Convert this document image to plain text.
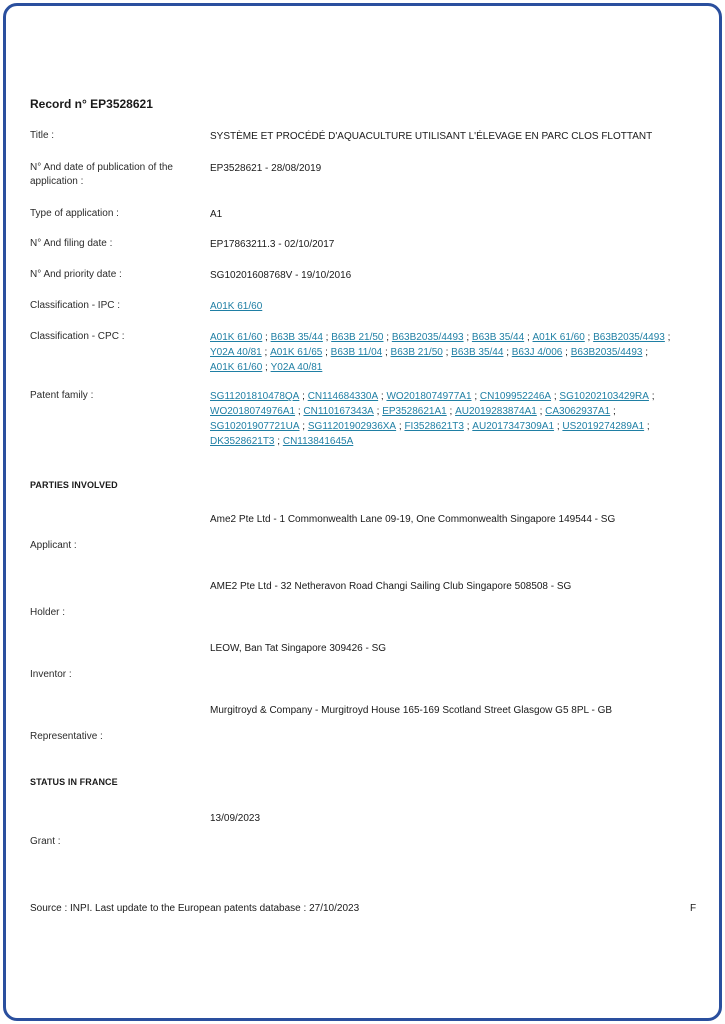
Record n° EP3528621
Title :	SYSTÈME ET PROCÉDÉ D'AQUACULTURE UTILISANT L'ÉLEVAGE EN PARC CLOS FLOTTANT
N° And date of publication of the application :
EP3528621 - 28/08/2019
Type of application :	A1
N° And filing date :	EP17863211.3 - 02/10/2017
N° And priority date :	SG10201608768V - 19/10/2016
Classification - IPC :	A01K 61/60
Classification - CPC :	A01K 61/60 ; B63B 35/44 ; B63B 21/50 ; B63B2035/4493 ; B63B 35/44 ; A01K 61/60 ; B63B2035/4493 ;
Y02A 40/81 ; A01K 61/65 ; B63B 11/04 ; B63B 21/50 ; B63B 35/44 ; B63J 4/006 ; B63B2035/4493 ;
A01K 61/60 ; Y02A 40/81
Patent family :	SG11201810478QA ; CN114684330A ; WO2018074977A1 ; CN109952246A ; SG10202103429RA ;
WO2018074976A1 ; CN110167343A ; EP3528621A1 ; AU2019283874A1 ; CA3062937A1 ;
SG10201907721UA ; SG11201902936XA ; FI3528621T3 ; AU2017347309A1 ; US2019274289A1 ;
DK3528621T3 ; CN113841645A
PARTIES INVOLVED
Ame2 Pte Ltd - 1 Commonwealth Lane 09-19, One Commonwealth Singapore 149544 - SG
Applicant :
AME2 Pte Ltd - 32 Netheravon Road Changi Sailing Club Singapore 508508 - SG
Holder :
LEOW, Ban Tat Singapore 309426 - SG
Inventor :
Murgitroyd & Company - Murgitroyd House 165-169 Scotland Street Glasgow G5 8PL - GB
Representative :
STATUS IN FRANCE
13/09/2023
Grant :
Source : INPI. Last update to the European patents database : 27/10/2023	F
